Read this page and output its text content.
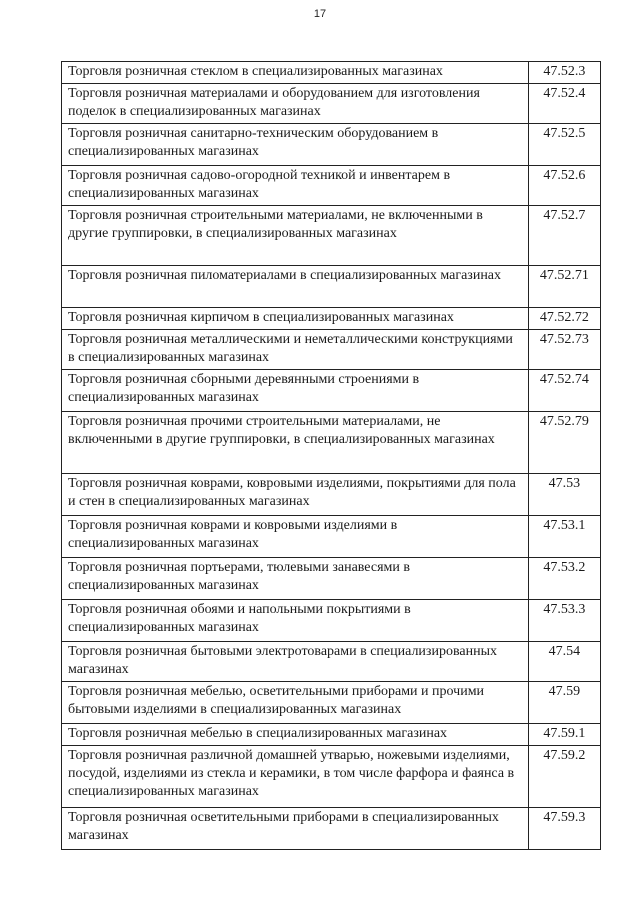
17
Торговля розничная стеклом в специализированных магазинах	47.52.3
Торговля розничная материалами и оборудованием для изготовления поделок в специализированных магазинах	47.52.4
Торговля розничная санитарно-техническим оборудованием в специализированных магазинах	47.52.5
Торговля розничная садово-огородной техникой и инвентарем в специализированных магазинах	47.52.6
Торговля розничная строительными материалами, не включенными в другие группировки, в специализированных магазинах	47.52.7
Торговля розничная пиломатериалами в специализированных магазинах	47.52.71
Торговля розничная кирпичом в специализированных магазинах	47.52.72
Торговля розничная металлическими и неметаллическими конструкциями в специализированных магазинах	47.52.73
Торговля розничная сборными деревянными строениями в специализированных магазинах	47.52.74
Торговля розничная прочими строительными материалами, не включенными в другие группировки, в специализированных магазинах	47.52.79
Торговля розничная коврами, ковровыми изделиями, покрытиями для пола и стен в специализированных магазинах	47.53
Торговля розничная коврами и ковровыми изделиями в специализированных магазинах	47.53.1
Торговля розничная портьерами, тюлевыми занавесями в специализированных магазинах	47.53.2
Торговля розничная обоями и напольными покрытиями в специализированных магазинах	47.53.3
Торговля розничная бытовыми электротоварами в специализированных магазинах	47.54
Торговля розничная мебелью, осветительными приборами и прочими бытовыми изделиями в специализированных магазинах	47.59
Торговля розничная мебелью в специализированных магазинах	47.59.1
Торговля розничная различной домашней утварью, ножевыми изделиями, посудой, изделиями из стекла и керамики, в том числе фарфора и фаянса в специализированных магазинах	47.59.2
Торговля розничная осветительными приборами в специализированных магазинах	47.59.3
